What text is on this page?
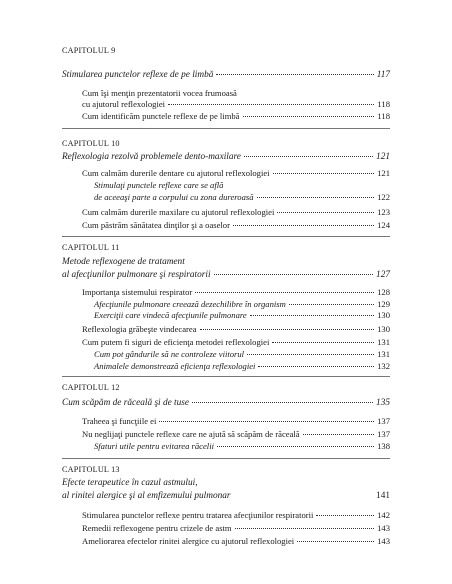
CAPITOLUL 9
Stimularea punctelor reflexe de pe limbă	117
Cum îşi menţin prezentatorii vocea frumoasă
cu ajutorul reflexologiei	118
Cum identificăm punctele reflexe de pe limbă	118
CAPITOLUL 10
Reflexologia rezolvă problemele dento-maxilare	121
Cum calmăm durerile dentare cu ajutorul reflexologiei	121
Stimulaţi punctele reflexe care se află
de aceeaşi parte a corpului cu zona dureroasă	122
Cum calmăm durerile maxilare cu ajutorul reflexologiei	123
Cum păstrăm sănătatea dinţilor şi a oaselor	124
CAPITOLUL 11
Metode reflexogene de tratament
al afecţiunilor pulmonare şi respiratorii	127
Importanţa sistemului respirator	128
Afecţiunile pulmonare creează dezechilibre în organism	129
Exerciţii care vindecă afecţiunile pulmonare	130
Reflexologia grăbeşte vindecarea	130
Cum putem fi siguri de eficienţa metodei reflexologiei	131
Cum pot gândurile să ne controleze viitorul	131
Animalele demonstrează eficienţa reflexologiei	132
CAPITOLUL 12
Cum scăpăm de răceală şi de tuse	135
Traheea şi funcţiile ei	137
Nu neglijaţi punctele reflexe care ne ajută să scăpăm de răceală	137
Sfaturi utile pentru evitarea răcelii	138
CAPITOLUL 13
Efecte terapeutice în cazul astmului,
al rinitei alergice şi al emfizemului pulmonar	141
Stimularea punctelor reflexe pentru tratarea afecţiunilor respiratorii	142
Remedii reflexogene pentru crizele de astm	143
Ameliorarea efectelor rinitei alergice cu ajutorul reflexologiei	143
